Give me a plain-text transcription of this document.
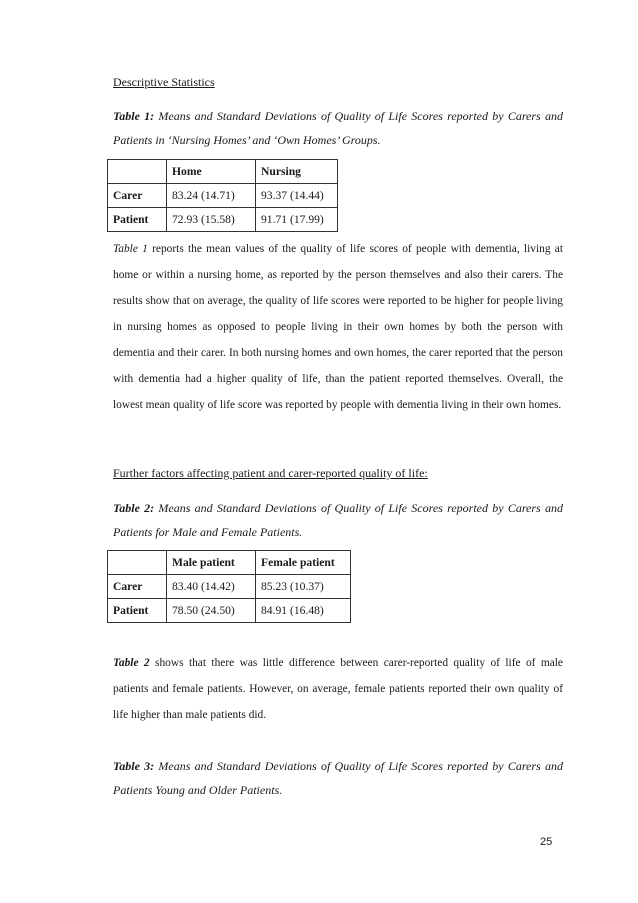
Descriptive Statistics
Table 1: Means and Standard Deviations of Quality of Life Scores reported by Carers and Patients in ‘Nursing Homes’ and ‘Own Homes’ Groups.
	Home	Nursing
Carer	83.24 (14.71)	93.37 (14.44)
Patient	72.93 (15.58)	91.71 (17.99)
Table 1 reports the mean values of the quality of life scores of people with dementia, living at home or within a nursing home, as reported by the person themselves and also their carers. The results show that on average, the quality of life scores were reported to be higher for people living in nursing homes as opposed to people living in their own homes by both the person with dementia and their carer. In both nursing homes and own homes, the carer reported that the person with dementia had a higher quality of life, than the patient reported themselves. Overall, the lowest mean quality of life score was reported by people with dementia living in their own homes.
Further factors affecting patient and carer-reported quality of life:
Table 2: Means and Standard Deviations of Quality of Life Scores reported by Carers and Patients for Male and Female Patients.
	Male patient	Female patient
Carer	83.40 (14.42)	85.23 (10.37)
Patient	78.50 (24.50)	84.91 (16.48)
Table 2 shows that there was little difference between carer-reported quality of life of male patients and female patients. However, on average, female patients reported their own quality of life higher than male patients did.
Table 3: Means and Standard Deviations of Quality of Life Scores reported by Carers and Patients Young and Older Patients.
25
